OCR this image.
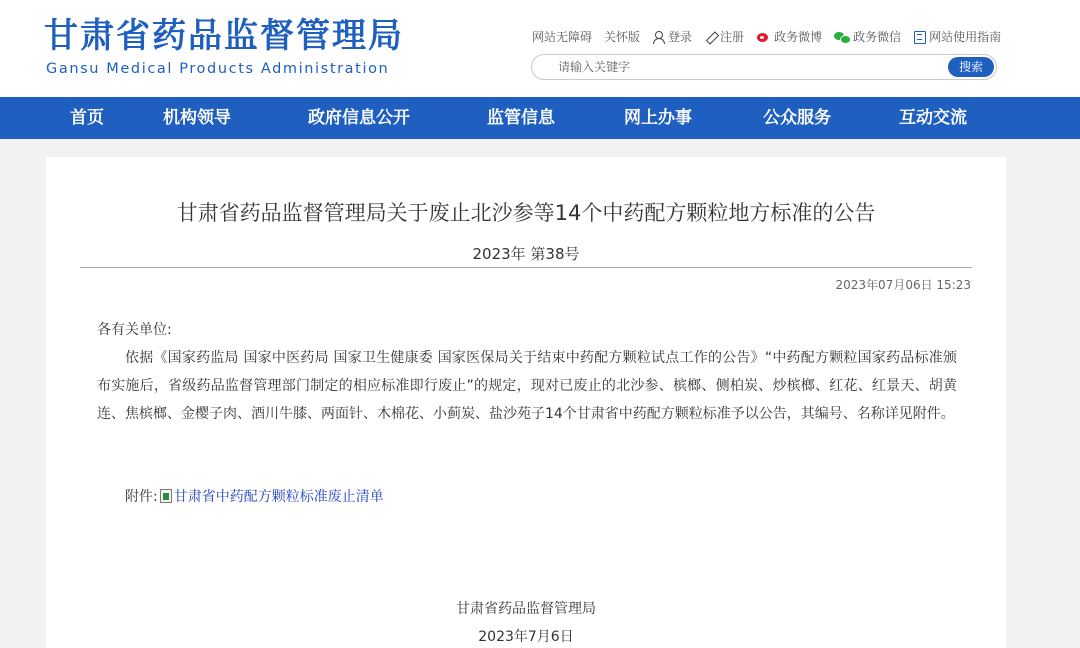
甘肃省药品监督管理局
Gansu Medical Products Administration
网站无障碍 关怀版 登录 注册	政务微博	政务微信 网站使用指南
请输入关键字
搜索
首页	机构领导	政府信息公开	监管信息	网上办事	公众服务	互动交流
甘肃省药品监督管理局关于废止北沙参等14个中药配方颗粒地方标准的公告
2023年 第38号
2023年07月06日 15:23
各有关单位:
依据《国家药监局 国家中医药局 国家卫生健康委 国家医保局关于结束中药配方颗粒试点工作的公告》“中药配方颗粒国家药品标准颁布实施后，省级药品监督管理部门制定的相应标准即行废止”的规定，现对已废止的北沙参、槟榔、侧柏炭、炒槟榔、红花、红景天、胡黄连、焦槟榔、金樱子肉、酒川牛膝、两面针、木棉花、小蓟炭、盐沙苑子14个甘肃省中药配方颗粒标准予以公告，其编号、名称详见附件。
附件: 甘肃省中药配方颗粒标准废止清单
甘肃省药品监督管理局
2023年7月6日
